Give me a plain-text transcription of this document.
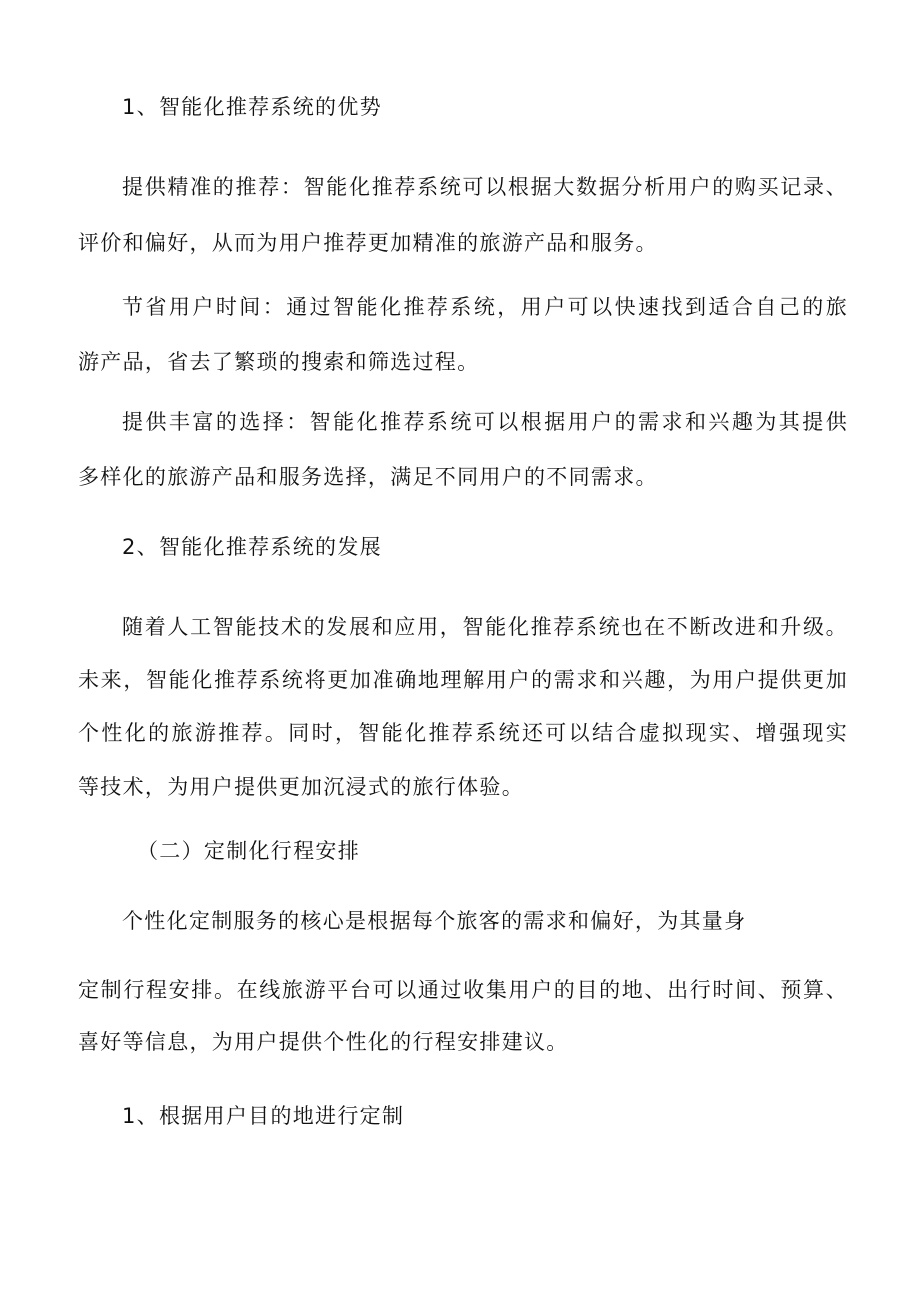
1、智能化推荐系统的优势
提供精准的推荐：智能化推荐系统可以根据大数据分析用户的购买记录、
评价和偏好，从而为用户推荐更加精准的旅游产品和服务。
节省用户时间：通过智能化推荐系统，用户可以快速找到适合自己的旅
游产品，省去了繁琐的搜索和筛选过程。
提供丰富的选择：智能化推荐系统可以根据用户的需求和兴趣为其提供
多样化的旅游产品和服务选择，满足不同用户的不同需求。
2、智能化推荐系统的发展
随着人工智能技术的发展和应用，智能化推荐系统也在不断改进和升级。
未来，智能化推荐系统将更加准确地理解用户的需求和兴趣，为用户提供更加
个性化的旅游推荐。同时，智能化推荐系统还可以结合虚拟现实、增强现实
等技术，为用户提供更加沉浸式的旅行体验。
（二）定制化行程安排
个性化定制服务的核心是根据每个旅客的需求和偏好，为其量身
定制行程安排。在线旅游平台可以通过收集用户的目的地、出行时间、预算、
喜好等信息，为用户提供个性化的行程安排建议。
1、根据用户目的地进行定制
